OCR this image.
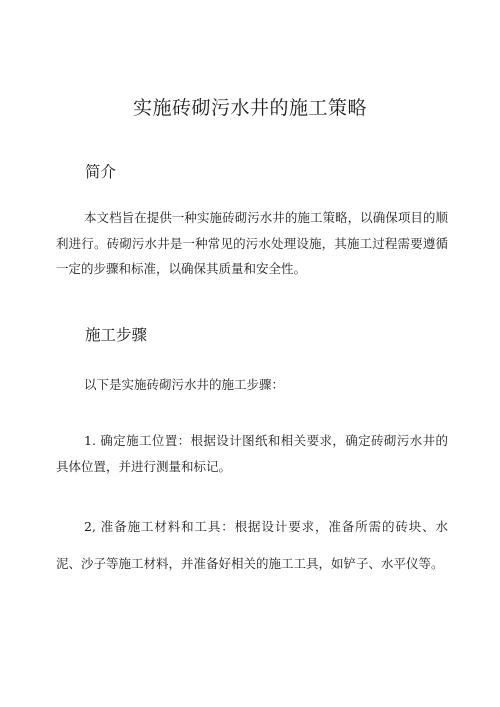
实施砖砌污水井的施工策略
简介

本文档旨在提供一种实施砖砌污水井的施工策略，以确保项目的顺利进行。砖砌污水井是一种常见的污水处理设施，其施工过程需要遵循一定的步骤和标准，以确保其质量和安全性。

施工步骤

以下是实施砖砌污水井的施工步骤：

1. 确定施工位置：根据设计图纸和相关要求，确定砖砌污水井的具体位置，并进行测量和标记。

2, 准备施工材料和工具：根据设计要求，准备所需的砖块、水泥、沙子等施工材料，并准备好相关的施工工具，如铲子、水平仪等。
